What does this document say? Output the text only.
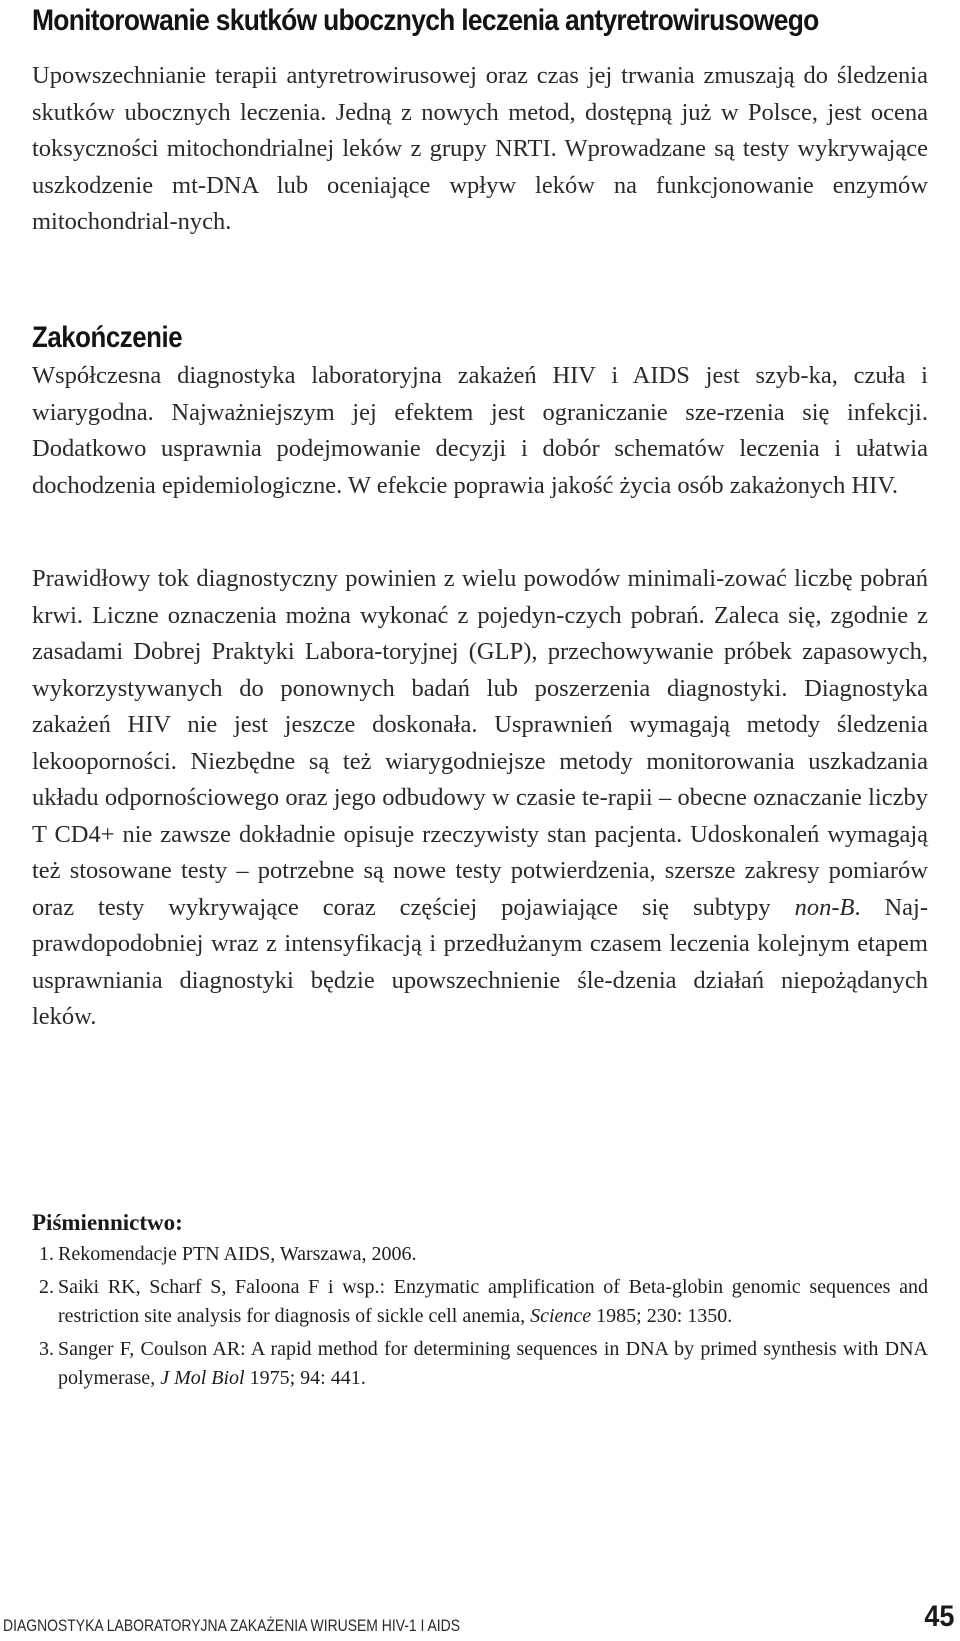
Monitorowanie skutków ubocznych leczenia antyretrowirusowego

Upowszechnianie terapii antyretrowirusowej oraz czas jej trwania zmuszają do śledzenia skutków ubocznych leczenia. Jedną z nowych metod, dostępną już w Polsce, jest ocena toksyczności mitochondrialnej leków z grupy NRTI. Wprowadzane są testy wykrywające uszkodzenie mt-DNA lub oceniające wpływ leków na funkcjonowanie enzymów mitochondrial-nych.

Zakończenie

Współczesna diagnostyka laboratoryjna zakażeń HIV i AIDS jest szyb-ka, czuła i wiarygodna. Najważniejszym jej efektem jest ograniczanie sze-rzenia się infekcji. Dodatkowo usprawnia podejmowanie decyzji i dobór schematów leczenia i ułatwia dochodzenia epidemiologiczne. W efekcie poprawia jakość życia osób zakażonych HIV.

Prawidłowy tok diagnostyczny powinien z wielu powodów minimali-zować liczbę pobrań krwi. Liczne oznaczenia można wykonać z pojedyn-czych pobrań. Zaleca się, zgodnie z zasadami Dobrej Praktyki Labora-toryjnej (GLP), przechowywanie próbek zapasowych, wykorzystywanych do ponownych badań lub poszerzenia diagnostyki. Diagnostyka zakażeń HIV nie jest jeszcze doskonała. Usprawnień wymagają metody śledzenia lekooporności. Niezbędne są też wiarygodniejsze metody monitorowania uszkadzania układu odpornościowego oraz jego odbudowy w czasie te-rapii – obecne oznaczanie liczby T CD4+ nie zawsze dokładnie opisuje rzeczywisty stan pacjenta. Udoskonaleń wymagają też stosowane testy – potrzebne są nowe testy potwierdzenia, szersze zakresy pomiarów oraz testy wykrywające coraz częściej pojawiające się subtypy non-B. Naj-prawdopodobniej wraz z intensyfikacją i przedłużanym czasem leczenia kolejnym etapem usprawniania diagnostyki będzie upowszechnienie śle-dzenia działań niepożądanych leków.

Piśmiennictwo:

1. Rekomendacje PTN AIDS, Warszawa, 2006.
2. Saiki RK, Scharf S, Faloona F i wsp.: Enzymatic amplification of Beta-globin genomic sequences and restriction site analysis for diagnosis of sickle cell anemia, Science 1985; 230: 1350.
3. Sanger F, Coulson AR: A rapid method for determining sequences in DNA by primed synthesis with DNA polymerase, J Mol Biol 1975; 94: 441.
DIAGNOSTYKA LABORATORYJNA ZAKAŻENIA WIRUSEM HIV-1 I AIDS	45
